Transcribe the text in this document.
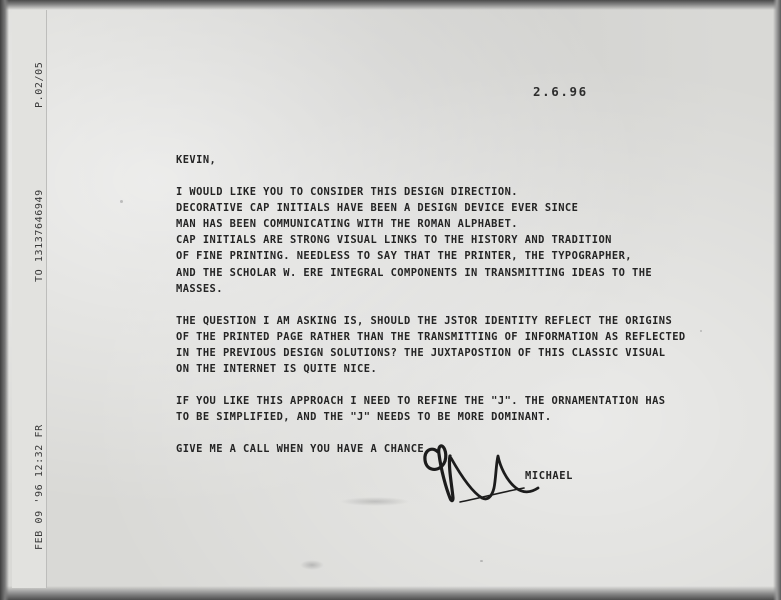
P.02/05
TO 13137646949
FEB 09 '96 12:32 FR
2.6.96
KEVIN,

I WOULD LIKE YOU TO CONSIDER THIS DESIGN DIRECTION.
DECORATIVE CAP INITIALS HAVE BEEN A DESIGN DEVICE EVER SINCE
MAN HAS BEEN COMMUNICATING WITH THE ROMAN ALPHABET.
CAP INITIALS ARE STRONG VISUAL LINKS TO THE HISTORY AND TRADITION
OF FINE PRINTING. NEEDLESS TO SAY THAT THE PRINTER, THE TYPOGRAPHER,
AND THE SCHOLAR W. ERE INTEGRAL COMPONENTS IN TRANSMITTING IDEAS TO THE
MASSES.

THE QUESTION I AM ASKING IS, SHOULD THE JSTOR IDENTITY REFLECT THE ORIGINS
OF THE PRINTED PAGE RATHER THAN THE TRANSMITTING OF INFORMATION AS REFLECTED
IN THE PREVIOUS DESIGN SOLUTIONS? THE JUXTAPOSTION OF THIS CLASSIC VISUAL
ON THE INTERNET IS QUITE NICE.

IF YOU LIKE THIS APPROACH I NEED TO REFINE THE "J". THE ORNAMENTATION HAS
TO BE SIMPLIFIED, AND THE "J" NEEDS TO BE MORE DOMINANT.

GIVE ME A CALL WHEN YOU HAVE A CHANCE

MICHAEL
